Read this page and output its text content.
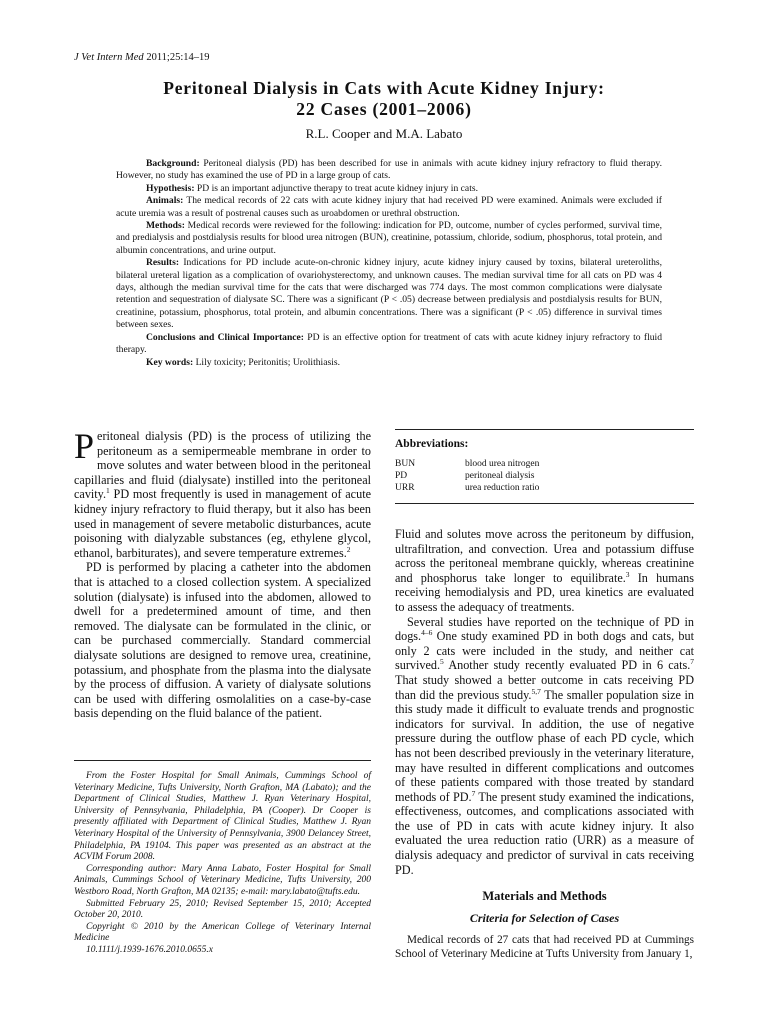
J Vet Intern Med 2011;25:14–19
Peritoneal Dialysis in Cats with Acute Kidney Injury:
22 Cases (2001–2006)
R.L. Cooper and M.A. Labato

Background: Peritoneal dialysis (PD) has been described for use in animals with acute kidney injury refractory to fluid therapy. However, no study has examined the use of PD in a large group of cats.

Hypothesis: PD is an important adjunctive therapy to treat acute kidney injury in cats.

Animals: The medical records of 22 cats with acute kidney injury that had received PD were examined. Animals were excluded if acute uremia was a result of postrenal causes such as uroabdomen or urethral obstruction.

Methods: Medical records were reviewed for the following: indication for PD, outcome, number of cycles performed, survival time, and predialysis and postdialysis results for blood urea nitrogen (BUN), creatinine, potassium, chloride, sodium, phosphorus, total protein, and albumin concentrations, and urine output.

Results: Indications for PD include acute-on-chronic kidney injury, acute kidney injury caused by toxins, bilateral ureteroliths, bilateral ureteral ligation as a complication of ovariohysterectomy, and unknown causes. The median survival time for all cats on PD was 4 days, although the median survival time for the cats that were discharged was 774 days. The most common complications were dialysate retention and sequestration of dialysate SC. There was a significant (P < .05) decrease between predialysis and postdialysis results for BUN, creatinine, potassium, phosphorus, total protein, and albumin concentrations. There was a significant (P < .05) difference in survival times between sexes.

Conclusions and Clinical Importance: PD is an effective option for treatment of cats with acute kidney injury refractory to fluid therapy.

Key words: Lily toxicity; Peritonitis; Urolithiasis.

Peritoneal dialysis (PD) is the process of utilizing the peritoneum as a semipermeable membrane in order to move solutes and water between blood in the peritoneal capillaries and fluid (dialysate) instilled into the peritoneal cavity.$^1$ PD most frequently is used in management of acute kidney injury refractory to fluid therapy, but it also has been used in management of severe metabolic disturbances, acute poisoning with dialyzable substances (eg, ethylene glycol, ethanol, barbiturates), and severe temperature extremes.$^2$

PD is performed by placing a catheter into the abdomen that is attached to a closed collection system. A specialized solution (dialysate) is infused into the abdomen, allowed to dwell for a predetermined amount of time, and then removed. The dialysate can be formulated in the clinic, or can be purchased commercially. Standard commercial dialysate solutions are designed to remove urea, creatinine, potassium, and phosphate from the plasma into the dialysate by the process of diffusion. A variety of dialysate solutions can be used with differing osmolalities on a case-by-case basis depending on the fluid balance of the patient.

From the Foster Hospital for Small Animals, Cummings School of Veterinary Medicine, Tufts University, North Grafton, MA (Labato); and the Department of Clinical Studies, Matthew J. Ryan Veterinary Hospital, University of Pennsylvania, Philadelphia, PA (Cooper). Dr Cooper is presently affiliated with Department of Clinical Studies, Matthew J. Ryan Veterinary Hospital of the University of Pennsylvania, 3900 Delancey Street, Philadelphia, PA 19104. This paper was presented as an abstract at the ACVIM Forum 2008.

Corresponding author: Mary Anna Labato, Foster Hospital for Small Animals, Cummings School of Veterinary Medicine, Tufts University, 200 Westboro Road, North Grafton, MA 02135; e-mail: mary.labato@tufts.edu.

Submitted February 25, 2010; Revised September 15, 2010; Accepted October 20, 2010.

Copyright © 2010 by the American College of Veterinary Internal Medicine

10.1111/j.1939-1676.2010.0655.x

Abbreviations:
BUN	blood urea nitrogen
PD	peritoneal dialysis
URR	urea reduction ratio

Fluid and solutes move across the peritoneum by diffusion, ultrafiltration, and convection. Urea and potassium diffuse across the peritoneal membrane quickly, whereas creatinine and phosphorus take longer to equilibrate.$^3$ In humans receiving hemodialysis and PD, urea kinetics are evaluated to assess the adequacy of treatments.

Several studies have reported on the technique of PD in dogs.$^{4-6}$ One study examined PD in both dogs and cats, but only 2 cats were included in the study, and neither cat survived.$^5$ Another study recently evaluated PD in 6 cats.$^7$ That study showed a better outcome in cats receiving PD than did the previous study.$^{5,7}$ The smaller population size in this study made it difficult to evaluate trends and prognostic indicators for survival. In addition, the use of negative pressure during the outflow phase of each PD cycle, which has not been described previously in the veterinary literature, may have resulted in different complications and outcomes of these patients compared with those treated by standard methods of PD.$^7$ The present study examined the indications, effectiveness, outcomes, and complications associated with the use of PD in cats with acute kidney injury. It also evaluated the urea reduction ratio (URR) as a measure of dialysis adequacy and predictor of survival in cats receiving PD.

Materials and Methods
Criteria for Selection of Cases

Medical records of 27 cats that had received PD at Cummings School of Veterinary Medicine at Tufts University from January 1,
